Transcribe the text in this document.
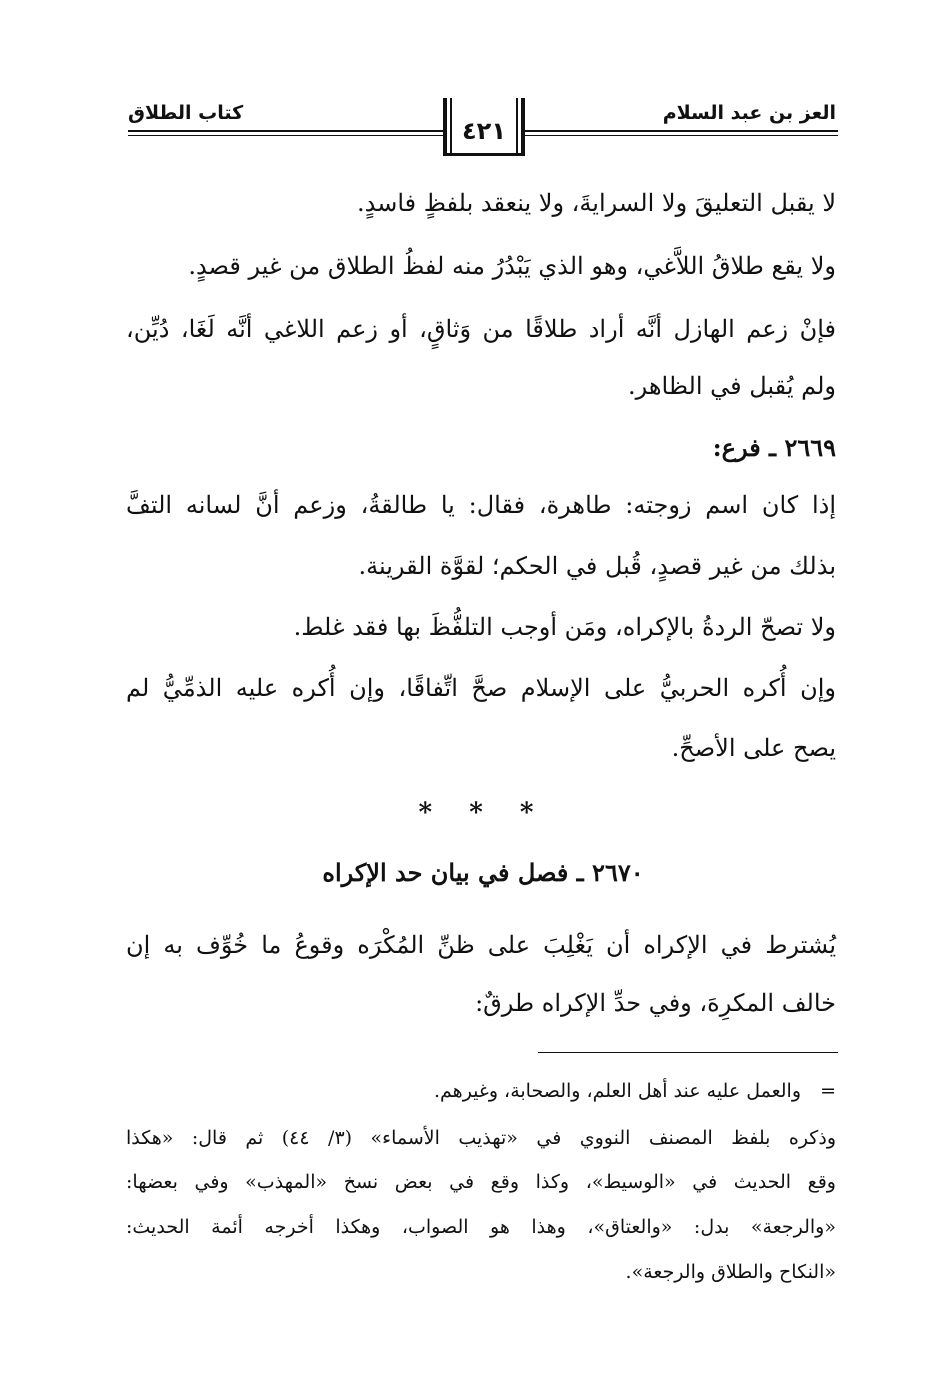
العز بن عبد السلام
كتاب الطلاق
٤٢١
لا يقبل التعليقَ ولا السرايةَ، ولا ينعقد بلفظٍ فاسدٍ.
ولا يقع طلاقُ اللاَّغي، وهو الذي يَبْدُرُ منه لفظُ الطلاق من غير قصدٍ.
فإنْ زعم الهازل أنَّه أراد طلاقًا من وَثاقٍ، أو زعم اللاغي أنَّه لَغَا، دُيِّن،
ولم يُقبل في الظاهر.
٢٦٦٩ ـ فرع:
إذا كان اسم زوجته: طاهرة، فقال: يا طالقةُ، وزعم أنَّ لسانه التفَّ
بذلك من غير قصدٍ، قُبل في الحكم؛ لقوَّة القرينة.
ولا تصحّ الردةُ بالإكراه، ومَن أوجب التلفُّظَ بها فقد غلط.
وإن أُكره الحربيُّ على الإسلام صحَّ اتِّفاقًا، وإن أُكره عليه الذمِّيُّ لم
يصح على الأصحِّ.
* * *
٢٦٧٠ ـ فصل في بيان حد الإكراه
يُشترط في الإكراه أن يَغْلِبَ على ظنِّ المُكْرَه وقوعُ ما خُوِّف به إن
خالف المكرِهَ، وفي حدِّ الإكراه طرقٌ:
=
والعمل عليه عند أهل العلم، والصحابة، وغيرهم.
وذكره بلفظ المصنف النووي في «تهذيب الأسماء» (٣/ ٤٤) ثم قال: «هكذا
وقع الحديث في «الوسيط»، وكذا وقع في بعض نسخ «المهذب» وفي بعضها:
«والرجعة» بدل: «والعتاق»، وهذا هو الصواب، وهكذا أخرجه أئمة الحديث:
«النكاح والطلاق والرجعة».
